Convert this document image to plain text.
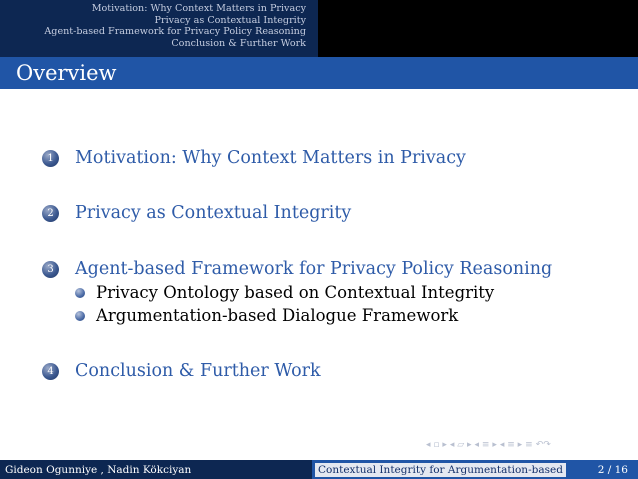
Motivation: Why Context Matters in Privacy
Privacy as Contextual Integrity
Agent-based Framework for Privacy Policy Reasoning
Conclusion & Further Work
Overview
1	Motivation: Why Context Matters in Privacy
2	Privacy as Contextual Integrity
3	Agent-based Framework for Privacy Policy Reasoning
Privacy Ontology based on Contextual Integrity
Argumentation-based Dialogue Framework
4	Conclusion & Further Work
◂ ▫ ▸ ◂ ▱ ▸ ◂ ≡ ▸ ◂ ≡ ▸ ≡ ↶↷
Gideon Ogunniye , Nadin Kökciyan	Contextual Integrity for Argumentation-based	2 / 16
